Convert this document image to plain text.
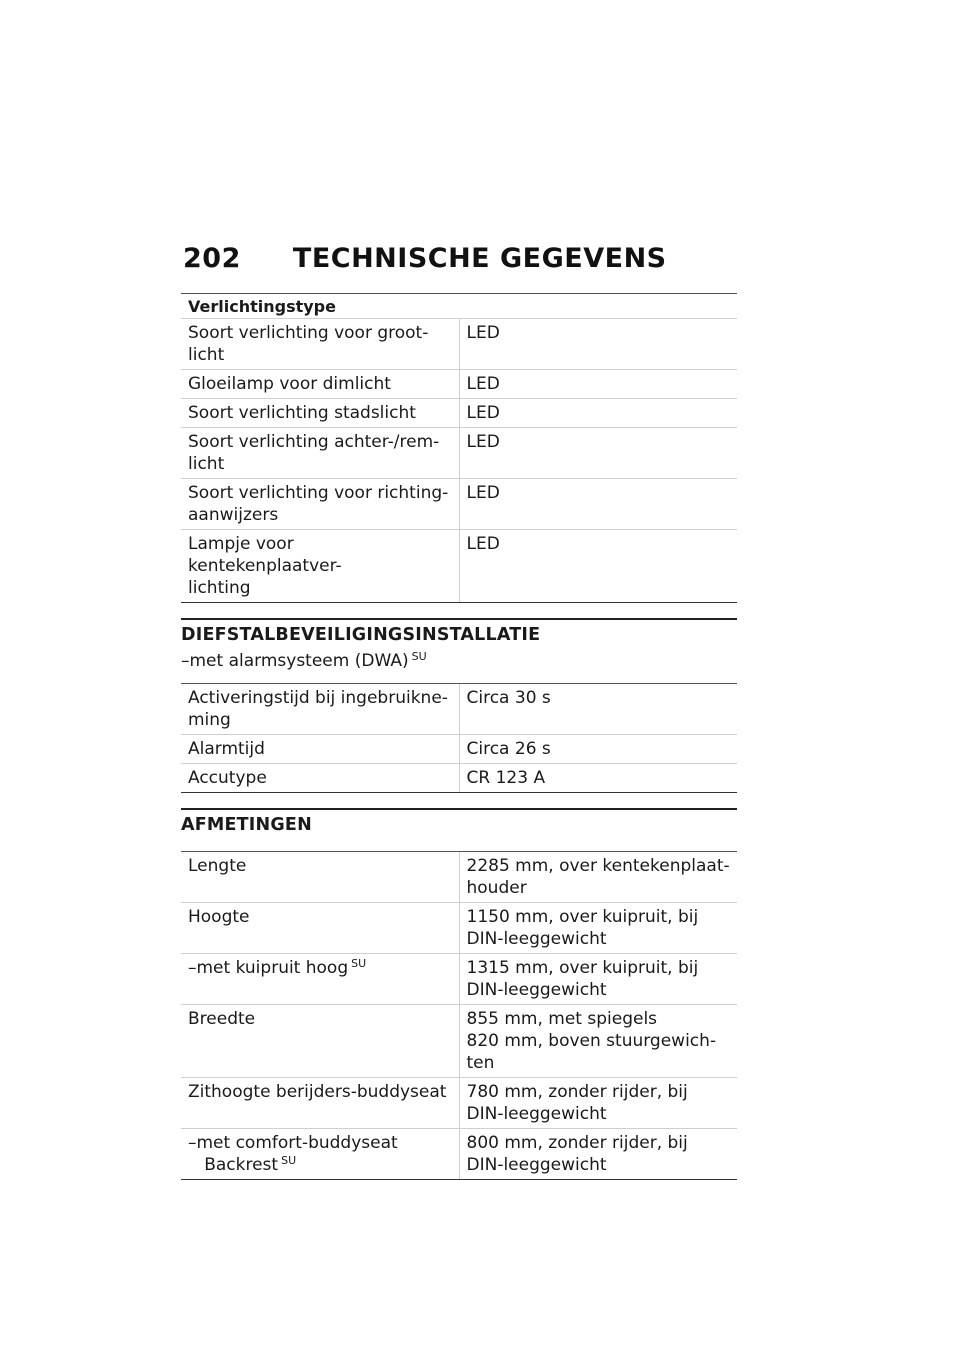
202 TECHNISCHE GEGEVENS
Verlichtingstype
Soort verlichting voor groot-
licht	LED
Gloeilamp voor dimlicht	LED
Soort verlichting stadslicht	LED
Soort verlichting achter-/rem-
licht	LED
Soort verlichting voor richting-
aanwijzers	LED
Lampje voor kentekenplaatver-
lichting	LED
DIEFSTALBEVEILIGINGSINSTALLATIE
–met alarmsysteem (DWA) $^{SU}$
Activeringstijd bij ingebruikne-
ming	Circa 30 s
Alarmtijd	Circa 26 s
Accutype	CR 123 A
AFMETINGEN
Lengte	2285 mm, over kentekenplaat-
houder
Hoogte	1150 mm, over kuipruit, bij
DIN-leeggewicht
–met kuipruit hoog $^{SU}$	1315 mm, over kuipruit, bij
DIN-leeggewicht
Breedte	855 mm, met spiegels
820 mm, boven stuurgewich-
ten
Zithoogte berijders-buddyseat	780 mm, zonder rijder, bij
DIN-leeggewicht
–met comfort-buddyseat
Backrest $^{SU}$	800 mm, zonder rijder, bij
DIN-leeggewicht
